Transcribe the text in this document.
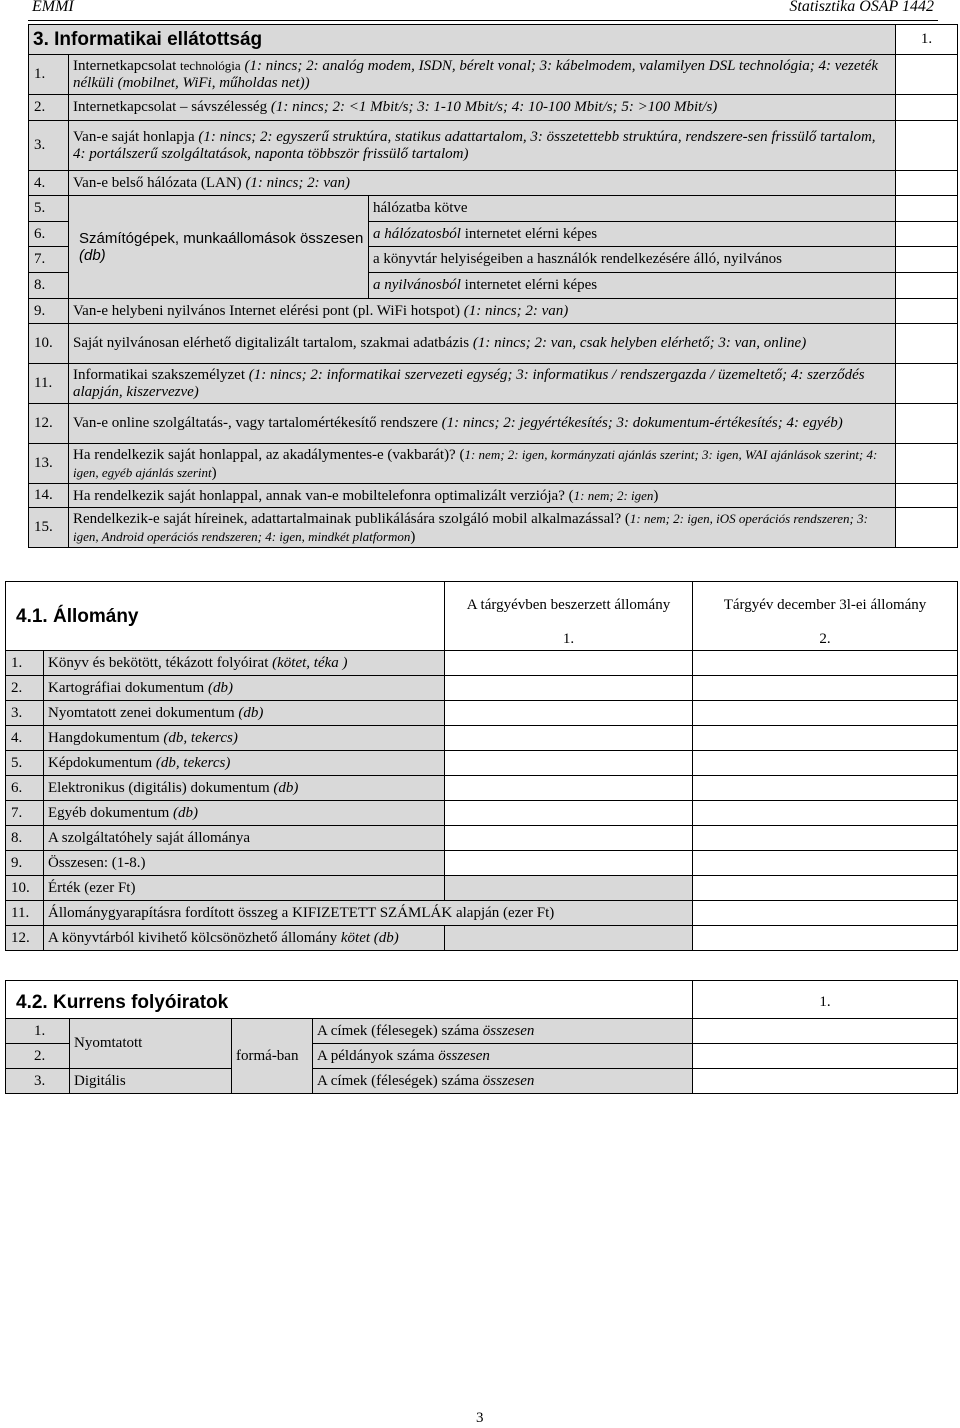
EMMI	Statisztika OSAP 1442
3. Informatikai ellátottság			1.
1.	Internetkapcsolat technológia (1: nincs; 2: analóg modem, ISDN, bérelt vonal; 3: kábelmodem, valamilyen DSL technológia; 4: vezeték nélküli (mobilnet, WiFi, műholdas net))		
2.	Internetkapcsolat – sávszélesség (1: nincs; 2: <1 Mbit/s; 3: 1-10 Mbit/s; 4: 10-100 Mbit/s; 5: >100 Mbit/s)		
3.	Van-e saját honlapja (1: nincs; 2: egyszerű struktúra, statikus adattartalom, 3: összetettebb struktúra, rendszere-sen frissülő tartalom, 4: portálszerű szolgáltatások, naponta többször frissülő tartalom)		
4.	Van-e belső hálózata (LAN) (1: nincs; 2: van)		
5.	Számítógépek, munkaállomások összesen (db)	hálózatba kötve	
6.		a hálózatosból internetet elérni képes	
7.		a könyvtár helyiségeiben a használók rendelkezésére álló, nyilvános	
8.		a nyilvánosból internetet elérni képes	
9.	Van-e helybeni nyilvános Internet elérési pont (pl. WiFi hotspot) (1: nincs; 2: van)		
10.	Saját nyilvánosan elérhető digitalizált tartalom, szakmai adatbázis (1: nincs; 2: van, csak helyben elérhető; 3: van, online)		
11.	Informatikai szakszemélyzet (1: nincs; 2: informatikai szervezeti egység; 3: informatikus / rendszergazda / üzemeltető; 4: szerződés alapján, kiszervezve)		
12.	Van-e online szolgáltatás-, vagy tartalomértékesítő rendszere (1: nincs; 2: jegyértékesítés; 3: dokumentum-értékesítés; 4: egyéb)		
13.	Ha rendelkezik saját honlappal, az akadálymentes-e (vakbarát)? (1: nem; 2: igen, kormányzati ajánlás szerint; 3: igen, WAI ajánlások szerint; 4: igen, egyéb ajánlás szerint)		
14.	Ha rendelkezik saját honlappal, annak van-e mobiltelefonra optimalizált verziója? (1: nem; 2: igen)		
15.	Rendelkezik-e saját híreinek, adattartalmainak publikálására szolgáló mobil alkalmazással? (1: nem; 2: igen, iOS operációs rendszeren; 3: igen, Android operációs rendszeren; 4: igen, mindkét platformon)		
4.1. Állomány		A tárgyévben beszerzett állomány	Tárgyév december 3l-ei állomány
		1.	2.
1.	Könyv és bekötött, tékázott folyóirat (kötet, téka )		
2.	Kartográfiai dokumentum (db)		
3.	Nyomtatott zenei dokumentum (db)		
4.	Hangdokumentum (db, tekercs)		
5.	Képdokumentum (db, tekercs)		
6.	Elektronikus (digitális) dokumentum (db)		
7.	Egyéb dokumentum (db)		
8.	A szolgáltatóhely saját állománya		
9.	Összesen: (1-8.)		
10.	Érték (ezer Ft)		
11.	Állománygyarapításra fordított összeg a KIFIZETETT SZÁMLÁK alapján (ezer Ft)		
12.	A könyvtárból kivihető kölcsönözhető állomány kötet (db)		
4.2. Kurrens folyóiratok				1.
1.	Nyomtatott	formá-ban	A címek (félesegek) száma összesen	
2.			A példányok száma összesen	
3.	Digitális		A címek (féleségek) száma összesen	
3
